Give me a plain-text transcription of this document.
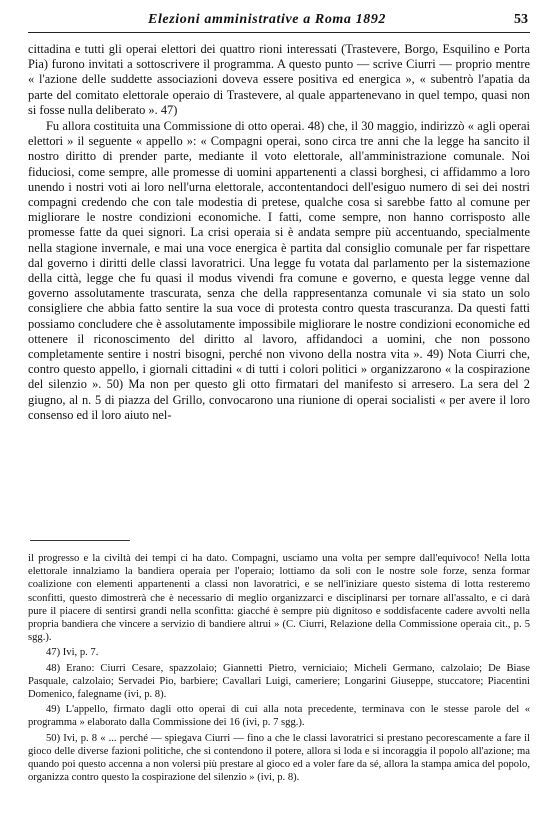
Elezioni amministrative a Roma 1892	53

cittadina e tutti gli operai elettori dei quattro rioni interessati (Trastevere, Borgo, Esquilino e Porta Pia) furono invitati a sottoscrivere il programma. A questo punto — scrive Ciurri — proprio mentre « l'azione delle suddette associazioni doveva essere positiva ed energica », « subentrò l'apatia da parte del comitato elettorale operaio di Trastevere, al quale appartenevano in quel tempo, quasi non si fosse nulla deliberato ». 47)

Fu allora costituita una Commissione di otto operai. 48) che, il 30 maggio, indirizzò « agli operai elettori » il seguente « appello »: « Compagni operai, sono circa tre anni che la legge ha sancito il nostro diritto di prender parte, mediante il voto elettorale, all'amministrazione comunale. Noi fiduciosi, come sempre, alle promesse di uomini appartenenti a classi borghesi, ci affidammo a loro unendo i nostri voti ai loro nell'urna elettorale, accontentandoci dell'esiguo numero di sei dei nostri compagni credendo che con tale modestia di pretese, qualche cosa si sarebbe fatto al comune per migliorare le nostre condizioni economiche. I fatti, come sempre, non hanno corrisposto alle promesse fatte da quei signori. La crisi operaia si è andata sempre più accentuando, specialmente nella stagione invernale, e mai una voce energica è partita dal consiglio comunale per far rispettare dal governo i diritti delle classi lavoratrici. Una legge fu votata dal parlamento per la sistemazione della città, legge che fu quasi il modus vivendi fra comune e governo, e questa legge venne dal governo assolutamente trascurata, senza che della rappresentanza comunale vi sia stato un solo consigliere che abbia fatto sentire la sua voce di protesta contro questa trascuranza. Da questi fatti possiamo concludere che è assolutamente impossibile migliorare le nostre condizioni economiche ed ottenere il riconoscimento del diritto al lavoro, affidandoci a uomini, che non possono completamente sentire i nostri bisogni, perché non vivono della nostra vita ». 49) Nota Ciurri che, contro questo appello, i giornali cittadini « di tutti i colori politici » organizzarono « la cospirazione del silenzio ». 50) Ma non per questo gli otto firmatari del manifesto si arresero. La sera del 2 giugno, al n. 5 di piazza del Grillo, convocarono una riunione di operai socialisti « per avere il loro consenso ed il loro aiuto nel-

il progresso e la civiltà dei tempi ci ha dato. Compagni, usciamo una volta per sempre dall'equivoco! Nella lotta elettorale innalziamo la bandiera operaia per l'operaio; lottiamo da soli con le nostre sole forze, senza formar coalizione con elementi appartenenti a classi non lavoratrici, e se nell'iniziare questo sistema di lotta resteremo sconfitti, questo dimostrerà che è necessario di meglio organizzarci e disciplinarsi per tornare all'assalto, e ci darà pure il piacere di sentirsi grandi nella sconfitta: giacché è sempre più dignitoso e soddisfacente cadere avvolti nella propria bandiera che vincere a servizio di bandiere altrui » (C. Ciurri, Relazione della Commissione operaia cit., p. 5 sgg.).

47) Ivi, p. 7.

48) Erano: Ciurri Cesare, spazzolaio; Giannetti Pietro, verniciaio; Micheli Germano, calzolaio; De Biase Pasquale, calzolaio; Servadei Pio, barbiere; Cavallari Luigi, cameriere; Longarini Giuseppe, stuccatore; Piacentini Domenico, falegname (ivi, p. 8).

49) L'appello, firmato dagli otto operai di cui alla nota precedente, terminava con le stesse parole del « programma » elaborato dalla Commissione dei 16 (ivi, p. 7 sgg.).

50) Ivi, p. 8 « ... perché — spiegava Ciurri — fino a che le classi lavoratrici si prestano pecorescamente a fare il gioco delle diverse fazioni politiche, che si contendono il potere, allora si loda e si incoraggia il popolo all'azione; ma quando poi questo accenna a non volersi più prestare al gioco ed a voler fare da sé, allora la stampa amica del popolo, organizza contro questo la cospirazione del silenzio » (ivi, p. 8).
